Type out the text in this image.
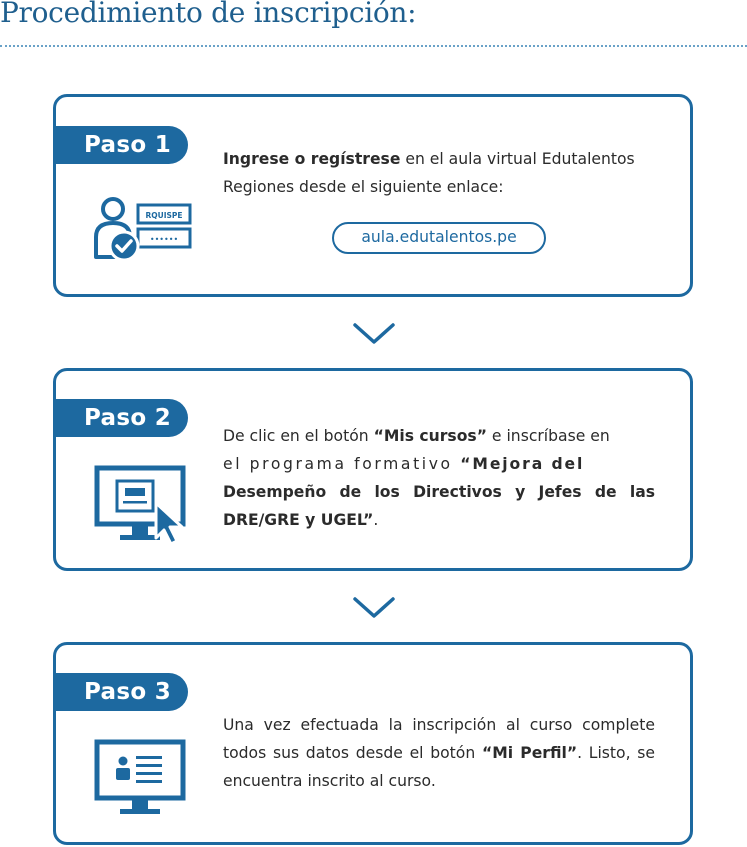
Procedimiento de inscripción:
Paso 1
RQUISPE
••••••
Ingrese o regístrese en el aula virtual Edutalentos Regiones desde el siguiente enlace:
aula.edutalentos.pe
Paso 2
De clic en el botón “Mis cursos” e inscríbase en
el programa formativo “Mejora del
Desempeño de los Directivos y Jefes de las DRE/GRE y UGEL”.
Paso 3
Una vez efectuada la inscripción al curso complete todos sus datos desde el botón “Mi Perfil”. Listo, se encuentra inscrito al curso.
